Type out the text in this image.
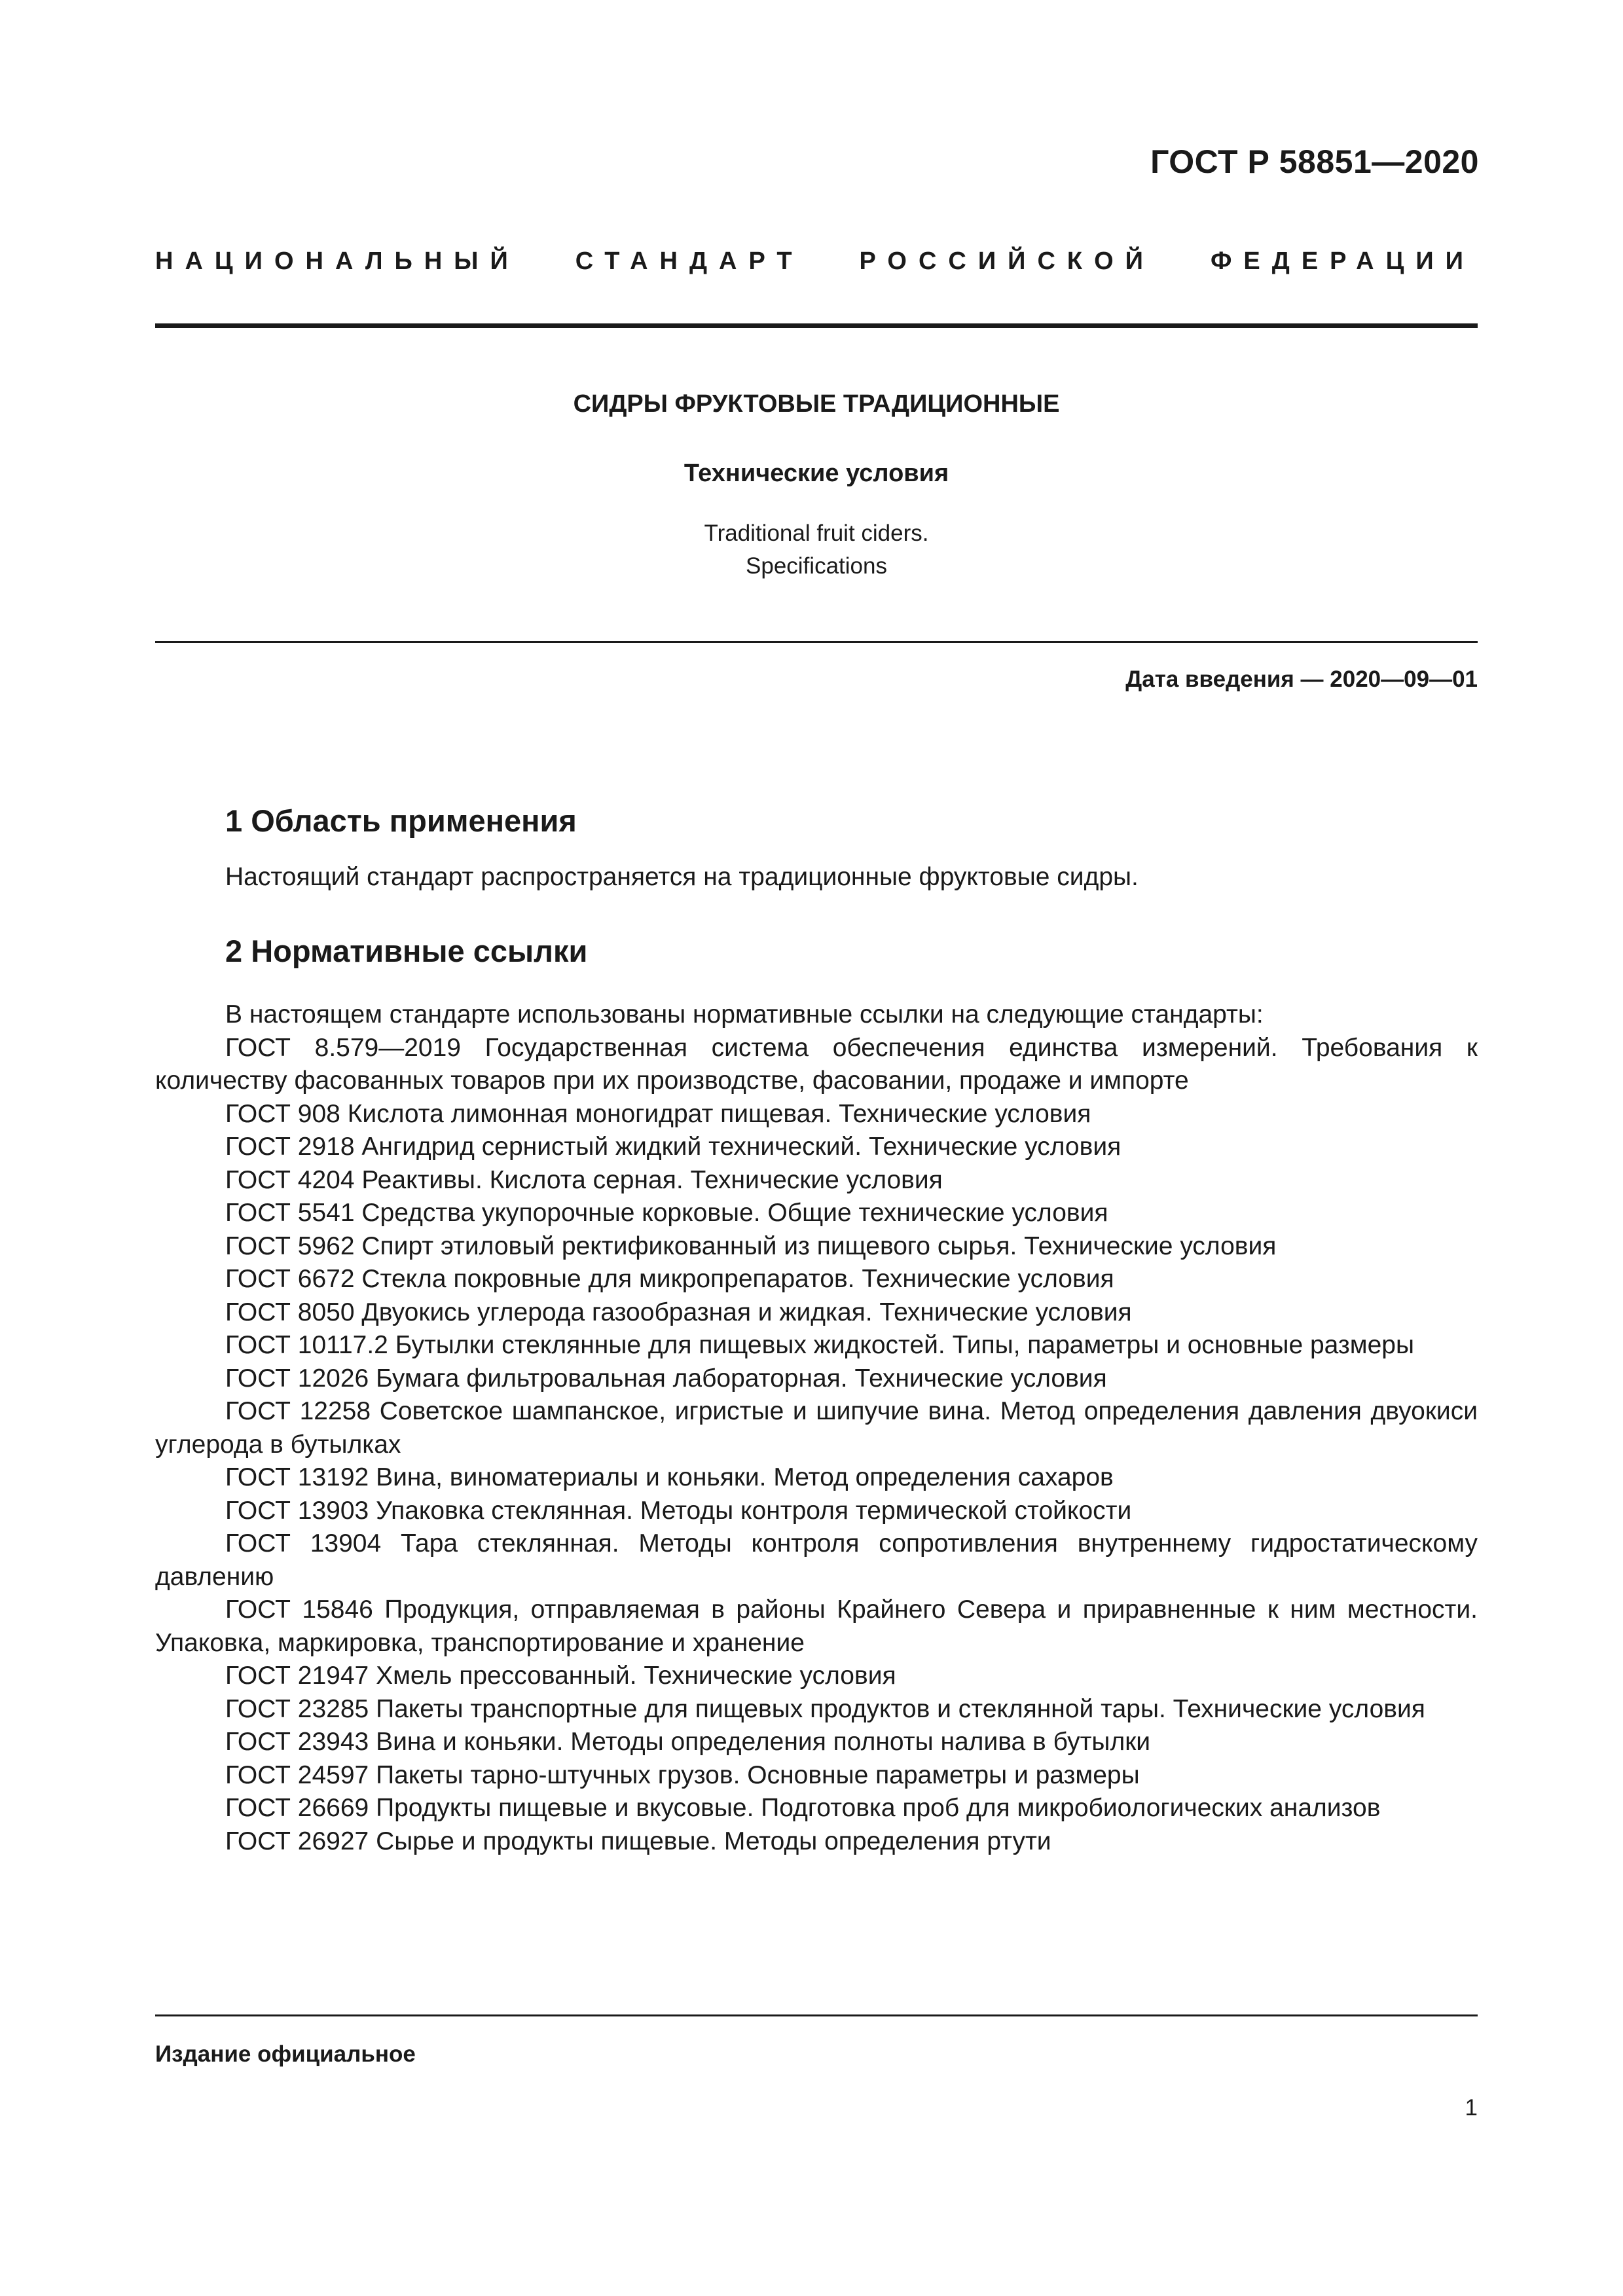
ГОСТ Р 58851—2020
НАЦИОНАЛЬНЫЙ СТАНДАРТ РОССИЙСКОЙ ФЕДЕРАЦИИ
СИДРЫ ФРУКТОВЫЕ ТРАДИЦИОННЫЕ
Технические условия
Traditional fruit ciders.
Specifications
Дата введения — 2020—09—01
1 Область применения
Настоящий стандарт распространяется на традиционные фруктовые сидры.
2 Нормативные ссылки

В настоящем стандарте использованы нормативные ссылки на следующие стандарты:

ГОСТ 8.579—2019 Государственная система обеспечения единства измерений. Требования к количеству фасованных товаров при их производстве, фасовании, продаже и импорте

ГОСТ 908 Кислота лимонная моногидрат пищевая. Технические условия

ГОСТ 2918 Ангидрид сернистый жидкий технический. Технические условия

ГОСТ 4204 Реактивы. Кислота серная. Технические условия

ГОСТ 5541 Средства укупорочные корковые. Общие технические условия

ГОСТ 5962 Спирт этиловый ректификованный из пищевого сырья. Технические условия

ГОСТ 6672 Стекла покровные для микропрепаратов. Технические условия

ГОСТ 8050 Двуокись углерода газообразная и жидкая. Технические условия

ГОСТ 10117.2 Бутылки стеклянные для пищевых жидкостей. Типы, параметры и основные размеры

ГОСТ 12026 Бумага фильтровальная лабораторная. Технические условия

ГОСТ 12258 Советское шампанское, игристые и шипучие вина. Метод определения давления двуокиси углерода в бутылках

ГОСТ 13192 Вина, виноматериалы и коньяки. Метод определения сахаров

ГОСТ 13903 Упаковка стеклянная. Методы контроля термической стойкости

ГОСТ 13904 Тара стеклянная. Методы контроля сопротивления внутреннему гидростатическому давлению

ГОСТ 15846 Продукция, отправляемая в районы Крайнего Севера и приравненные к ним местности. Упаковка, маркировка, транспортирование и хранение

ГОСТ 21947 Хмель прессованный. Технические условия

ГОСТ 23285 Пакеты транспортные для пищевых продуктов и стеклянной тары. Технические условия

ГОСТ 23943 Вина и коньяки. Методы определения полноты налива в бутылки

ГОСТ 24597 Пакеты тарно-штучных грузов. Основные параметры и размеры

ГОСТ 26669 Продукты пищевые и вкусовые. Подготовка проб для микробиологических анализов

ГОСТ 26927 Сырье и продукты пищевые. Методы определения ртути

Издание официальное
1
